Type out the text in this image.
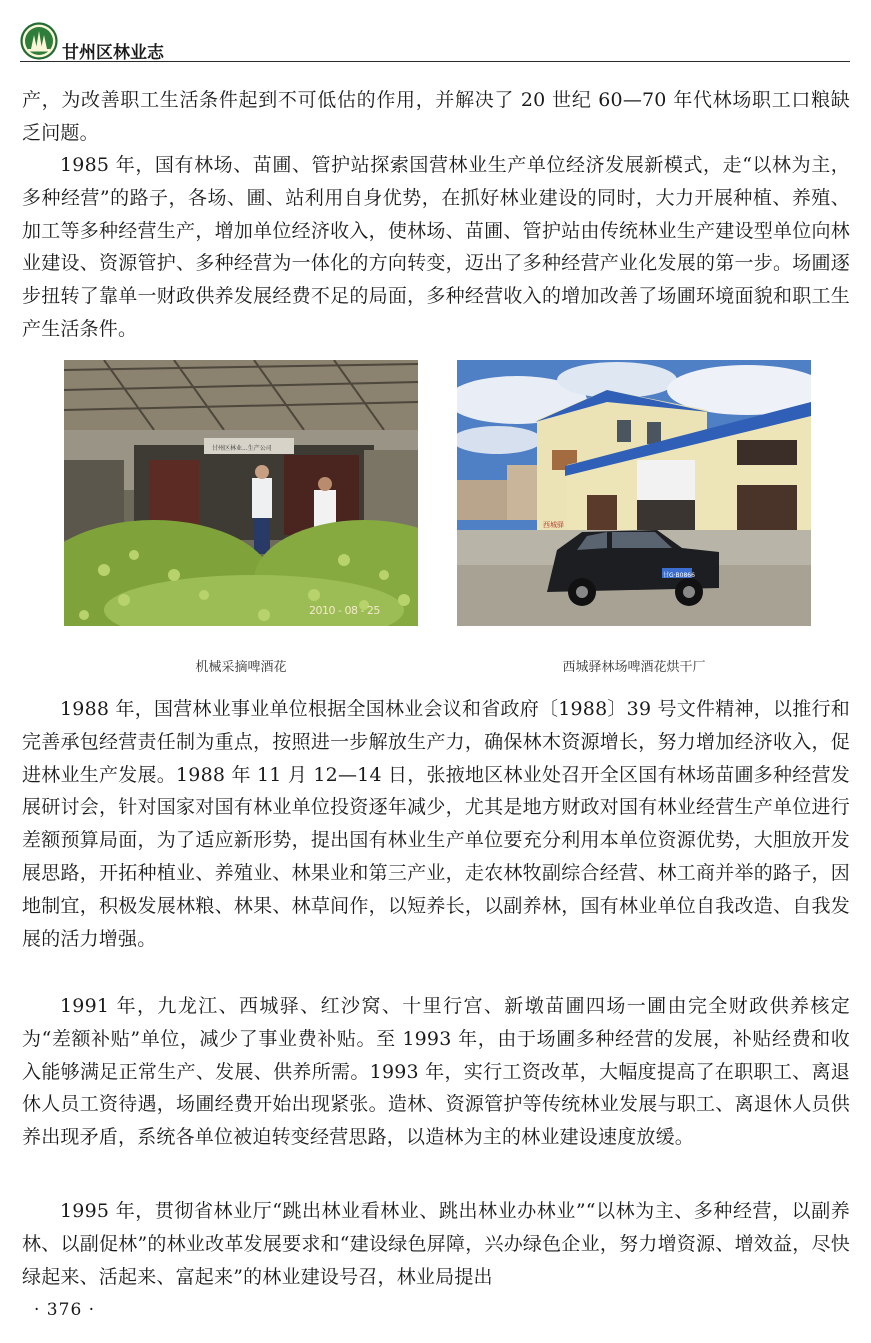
甘州区林业志

产，为改善职工生活条件起到不可低估的作用，并解决了 20 世纪 60—70 年代林场职工口粮缺乏问题。

1985 年，国有林场、苗圃、管护站探索国营林业生产单位经济发展新模式，走“以林为主，多种经营”的路子，各场、圃、站利用自身优势，在抓好林业建设的同时，大力开展种植、养殖、加工等多种经营生产，增加单位经济收入，使林场、苗圃、管护站由传统林业生产建设型单位向林业建设、资源管护、多种经营为一体化的方向转变，迈出了多种经营产业化发展的第一步。场圃逐步扭转了靠单一财政供养发展经费不足的局面，多种经营收入的增加改善了场圃环境面貌和职工生产生活条件。

甘州区林业...生产公司
2010 - 08 - 25
西城驿
甘G·B0866
机械采摘啤酒花	西城驿林场啤酒花烘干厂

1988 年，国营林业事业单位根据全国林业会议和省政府〔1988〕39 号文件精神，以推行和完善承包经营责任制为重点，按照进一步解放生产力，确保林木资源增长，努力增加经济收入，促进林业生产发展。1988 年 11 月 12—14 日，张掖地区林业处召开全区国有林场苗圃多种经营发展研讨会，针对国家对国有林业单位投资逐年减少，尤其是地方财政对国有林业经营生产单位进行差额预算局面，为了适应新形势，提出国有林业生产单位要充分利用本单位资源优势，大胆放开发展思路，开拓种植业、养殖业、林果业和第三产业，走农林牧副综合经营、林工商并举的路子，因地制宜，积极发展林粮、林果、林草间作，以短养长，以副养林，国有林业单位自我改造、自我发展的活力增强。

1991 年，九龙江、西城驿、红沙窝、十里行宫、新墩苗圃四场一圃由完全财政供养核定为“差额补贴”单位，减少了事业费补贴。至 1993 年，由于场圃多种经营的发展，补贴经费和收入能够满足正常生产、发展、供养所需。1993 年，实行工资改革，大幅度提高了在职职工、离退休人员工资待遇，场圃经费开始出现紧张。造林、资源管护等传统林业发展与职工、离退休人员供养出现矛盾，系统各单位被迫转变经营思路，以造林为主的林业建设速度放缓。

1995 年，贯彻省林业厅“跳出林业看林业、跳出林业办林业”“以林为主、多种经营，以副养林、以副促林”的林业改革发展要求和“建设绿色屏障，兴办绿色企业，努力增资源、增效益，尽快绿起来、活起来、富起来”的林业建设号召，林业局提出

· 376 ·
